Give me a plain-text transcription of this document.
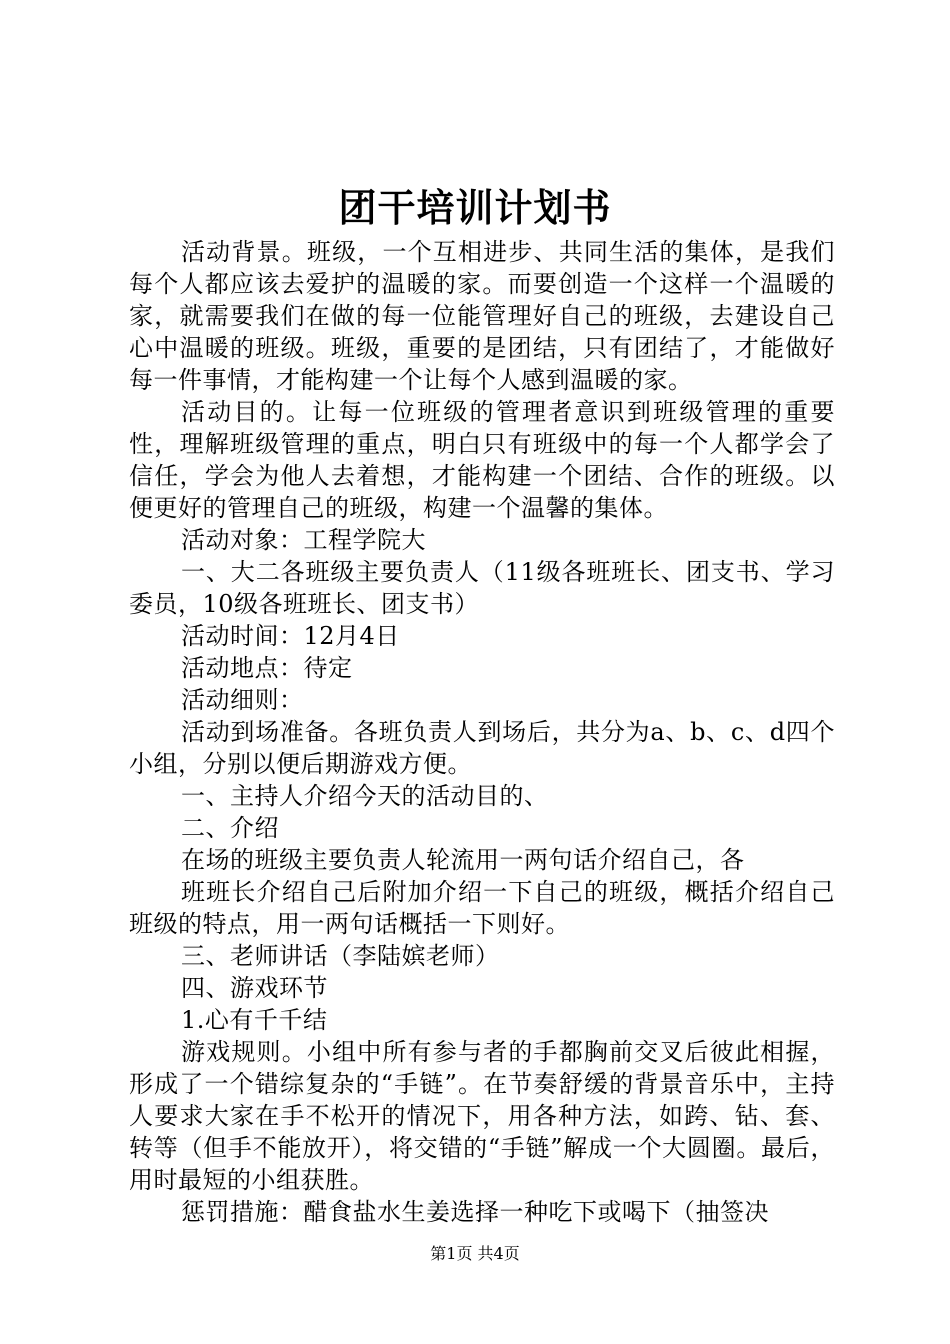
团干培训计划书

活动背景。班级，一个互相进步、共同生活的集体，是我们每个人都应该去爱护的温暖的家。而要创造一个这样一个温暖的家，就需要我们在做的每一位能管理好自己的班级，去建设自己心中温暖的班级。班级，重要的是团结，只有团结了，才能做好每一件事情，才能构建一个让每个人感到温暖的家。

活动目的。让每一位班级的管理者意识到班级管理的重要性，理解班级管理的重点，明白只有班级中的每一个人都学会了信任，学会为他人去着想，才能构建一个团结、合作的班级。以便更好的管理自己的班级，构建一个温馨的集体。

活动对象：工程学院大

一、大二各班级主要负责人（11级各班班长、团支书、学习委员，10级各班班长、团支书）

活动时间：12月4日

活动地点：待定

活动细则：

活动到场准备。各班负责人到场后，共分为a、b、c、d四个小组，分别以便后期游戏方便。

一、主持人介绍今天的活动目的、

二、介绍

在场的班级主要负责人轮流用一两句话介绍自己，各

班班长介绍自己后附加介绍一下自己的班级，概括介绍自己班级的特点，用一两句话概括一下则好。

三、老师讲话（李陆嫔老师）

四、游戏环节

1.心有千千结

游戏规则。小组中所有参与者的手都胸前交叉后彼此相握，形成了一个错综复杂的“手链”。在节奏舒缓的背景音乐中，主持人要求大家在手不松开的情况下，用各种方法，如跨、钻、套、转等（但手不能放开），将交错的“手链”解成一个大圆圈。最后，用时最短的小组获胜。

惩罚措施：醋食盐水生姜选择一种吃下或喝下（抽签决

第1页 共4页
